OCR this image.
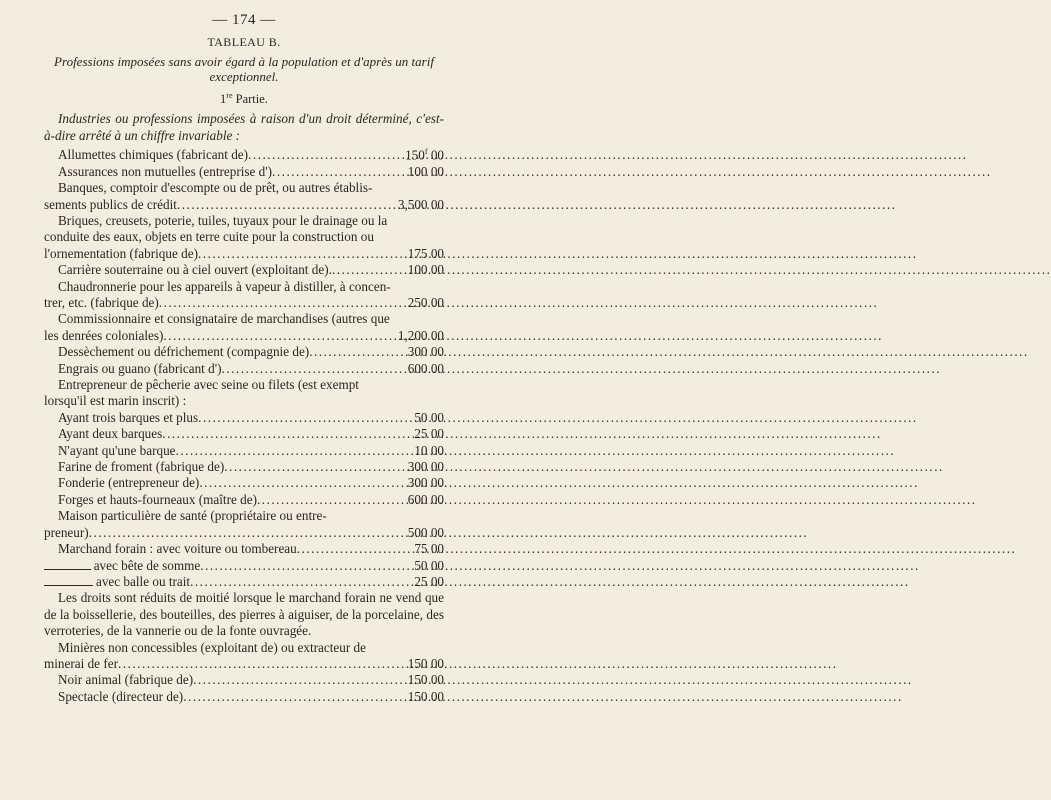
— 174 —
TABLEAU B.
Professions imposées sans avoir égard à la population et d'après un tarif exceptionnel.
1re Partie.
Industries ou professions imposées à raison d'un droit déterminé, c'est-à-dire arrêté à un chiffre invariable :
Allumettes chimiques (fabricant de) .....	150$^f$ 00
Assurances non mutuelles (entreprise d') .....	100 00
Banques, comptoir d'escompte ou de prêt, ou autres établis-
sements publics de crédit .....	3,500 00
Briques, creusets, poterie, tuiles, tuyaux pour le drainage ou la
conduite des eaux, objets en terre cuite pour la construction ou
l'ornementation (fabrique de) .....	175 00
Carrière souterraine ou à ciel ouvert (exploitant de). .....	100 00
Chaudronnerie pour les appareils à vapeur à distiller, à concen-
trer, etc. (fabrique de) .....	250 00
Commissionnaire et consignataire de marchandises (autres que
les denrées coloniales) .....	1,200 00
Dessèchement ou défrichement (compagnie de) .....	300 00
Engrais ou guano (fabricant d') .....	600 00
Entrepreneur de pêcherie avec seine ou filets (est exempt
lorsqu'il est marin inscrit) :
Ayant trois barques et plus .....	50 00
Ayant deux barques .....	25 00
N'ayant qu'une barque .....	10 00
Farine de froment (fabrique de) .....	300 00
Fonderie (entrepreneur de) .....	300 00
Forges et hauts-fourneaux (maître de) .....	600 00
Maison particulière de santé (propriétaire ou entre-
preneur) .....	500 00
Marchand forain : avec voiture ou tombereau .....	75 00
avec bête de somme .....	50 00
avec balle ou trait .....	25 00
Les droits sont réduits de moitié lorsque le marchand forain ne vend que de la boissellerie, des bouteilles, des pierres à aiguiser, de la porcelaine, des verroteries, de la vannerie ou de la fonte ouvragée.
Minières non concessibles (exploitant de) ou extracteur de
minerai de fer .....	150 00
Noir animal (fabrique de) .....	150 00
Spectacle (directeur de) .....	150 00
